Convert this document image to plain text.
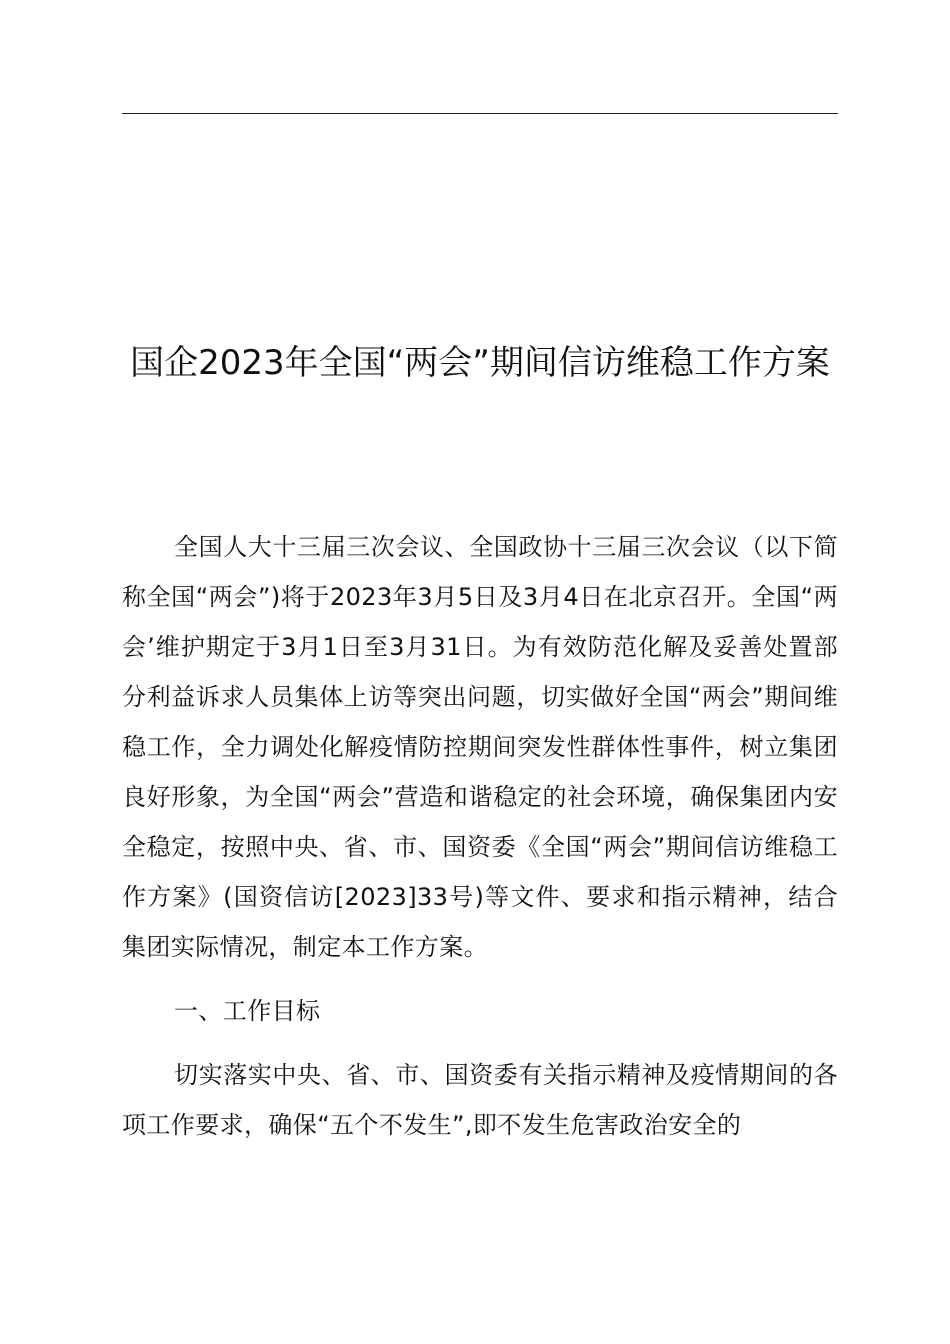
国企2023年全国“两会”期间信访维稳工作方案

全国人大十三届三次会议、全国政协十三届三次会议（以下简称全国“两会”)将于2023年3月5日及3月4日在北京召开。全国“两会’维护期定于3月1日至3月31日。为有效防范化解及妥善处置部分利益诉求人员集体上访等突出问题，切实做好全国“两会”期间维稳工作，全力调处化解疫情防控期间突发性群体性事件，树立集团良好形象，为全国“两会”营造和谐稳定的社会环境，确保集团内安全稳定，按照中央、省、市、国资委《全国“两会”期间信访维稳工作方案》(国资信访[2023]33号)等文件、要求和指示精神，结合集团实际情况，制定本工作方案。

一、工作目标

切实落实中央、省、市、国资委有关指示精神及疫情期间的各项工作要求，确保“五个不发生”,即不发生危害政治安全的
